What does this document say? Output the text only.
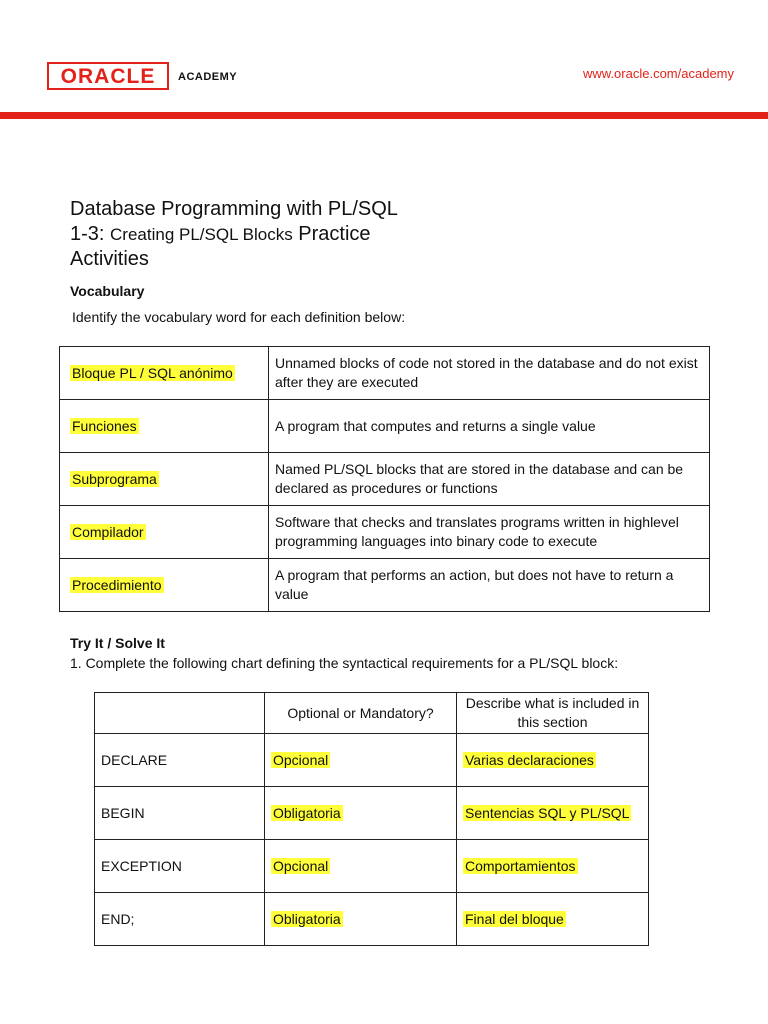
ORACLE ACADEMY	www.oracle.com/academy
Database Programming with PL/SQL
1-3: Creating PL/SQL Blocks Practice
Activities
Vocabulary
Identify the vocabulary word for each definition below:
Bloque PL / SQL anónimo	Unnamed blocks of code not stored in the database and do not exist after they are executed
Funciones	A program that computes and returns a single value
Subprograma	Named PL/SQL blocks that are stored in the database and can be declared as procedures or functions
Compilador	Software that checks and translates programs written in highlevel programming languages into binary code to execute
Procedimiento	A program that performs an action, but does not have to return a value
Try It / Solve It
1. Complete the following chart defining the syntactical requirements for a PL/SQL block:
	Optional or Mandatory?	Describe what is included in this section
DECLARE	Opcional	Varias declaraciones
BEGIN	Obligatoria	Sentencias SQL y PL/SQL
EXCEPTION	Opcional	Comportamientos
END;	Obligatoria	Final del bloque
